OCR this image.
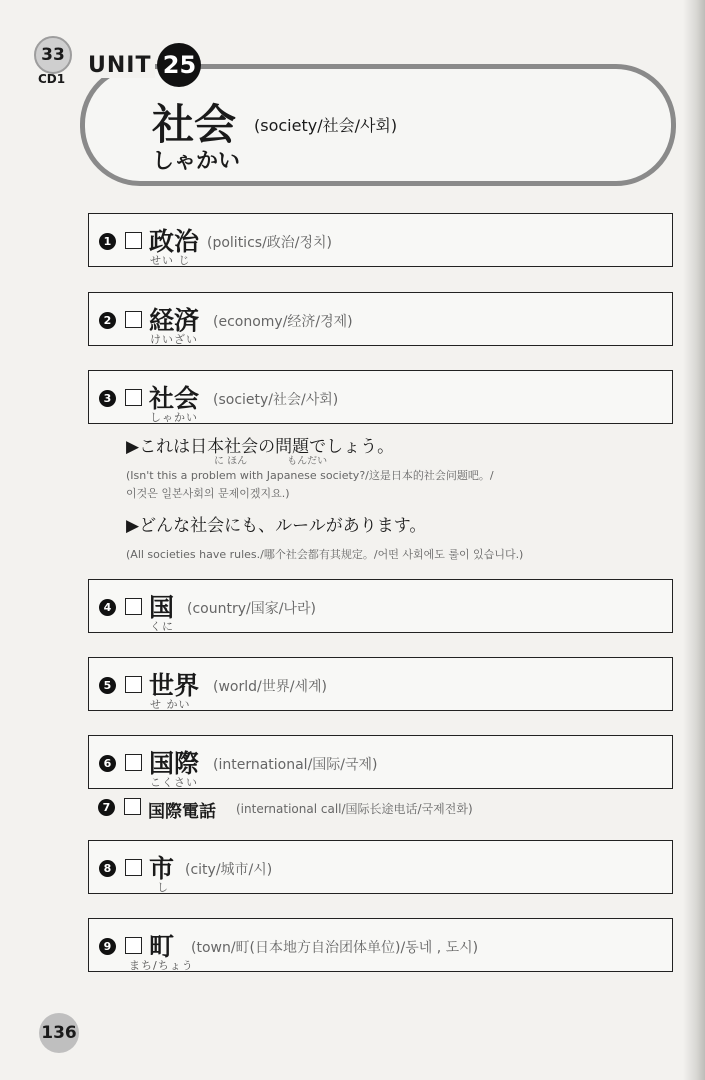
33
CD1
UNIT 25
社会 (society/社会/사회)
しゃかい
1 政治
せい じ
(politics/政治/정치)
2 経済
けいざい
(economy/经济/경제)
3 社会
しゃかい
(society/社会/사회)
▶これは日本社会の問題でしょう。
に ほん　　　　もんだい
(Isn't this a problem with Japanese society?/这是日本的社会问题吧。/
이것은 일본사회의 문제이겠지요.)
▶どんな社会にも、ルールがあります。
(All societies have rules./哪个社会都有其规定。/어떤 사회에도 룰이 있습니다.)
4 国
くに
(country/国家/나라)
5 世界
せ かい
(world/世界/세계)
6 国際
こくさい
(international/国际/국제)
7 国際電話 (international call/国际长途电话/국제전화)
8 市
し
(city/城市/시)
9 町
まち/ちょう
(town/町(日本地方自治团体单位)/동네 , 도시)
136
